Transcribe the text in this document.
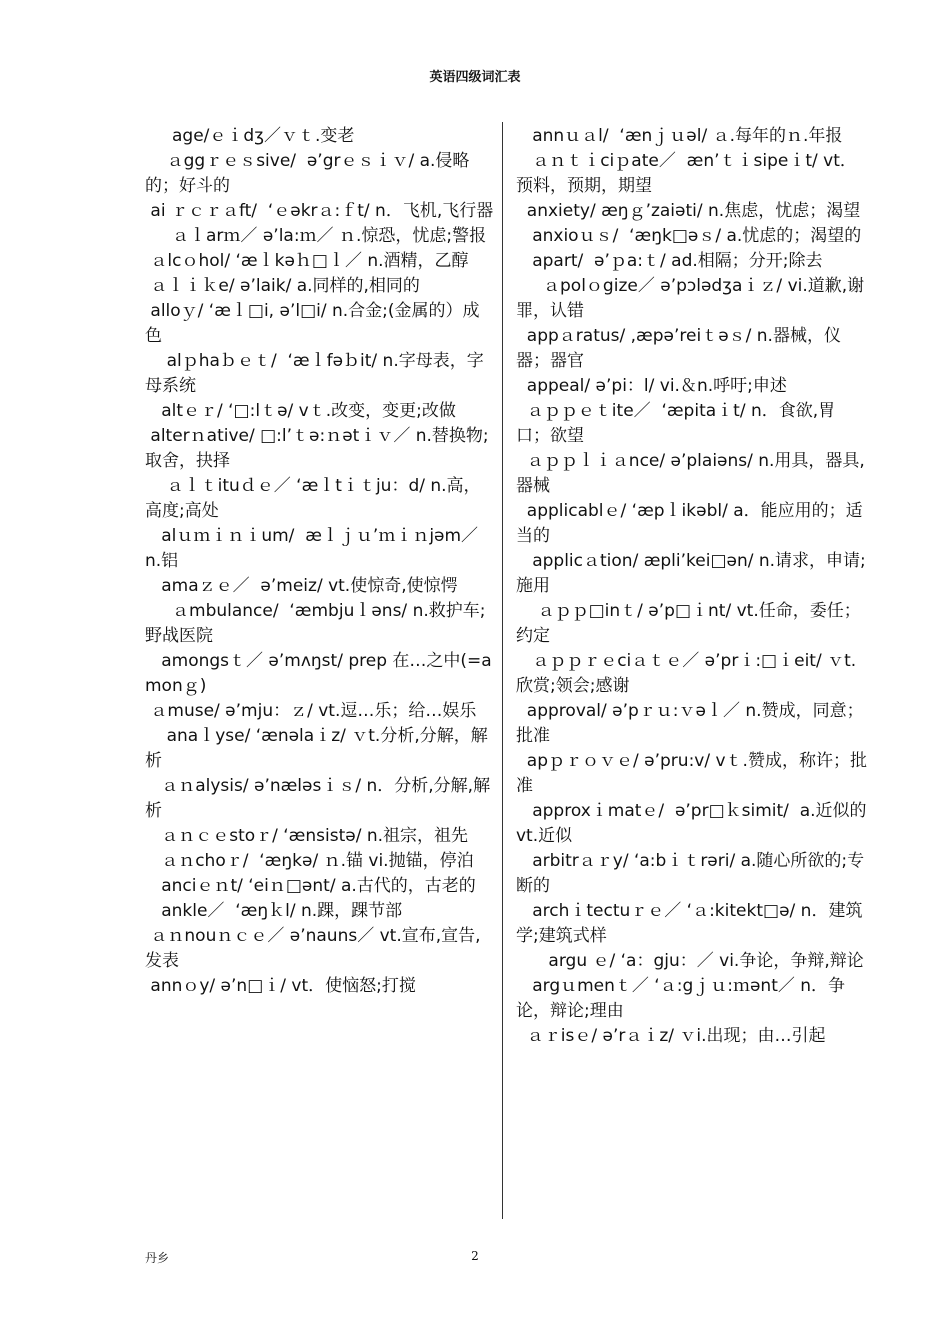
英语四级词汇表
age/ｅｉdʒ／ｖｔ.变老
ａggｒｅｓsive/  ə’grｅｓｉｖ/ a.侵略的；好斗的
ai ｒｃｒａft/  ‘ｅəkrａ:ｆt/ n．飞机,飞行器
ａｌarｍ／ ə’la:ｍ／ ｎ.惊恐，忧虑;警报
ａlcｏhol/ ‘æｌkəｈ□ｌ／ n.酒精，乙醇
ａｌｉｋe/ ə’laik/ a.同样的,相同的
alloｙ/ ‘æｌ□i, ə’l□i/ n.合金;(金属的）成色
alｐhaｂｅｔ/  ‘æｌfəｂit/ n.字母表，字母系统
altｅｒ/ ‘□:lｔə/ vｔ.改变，变更;改做
alterｎative/ □:l’ｔə:ｎətｉｖ／ n.替换物;取舍，抉择
ａｌｔituｄｅ／ ‘æｌtｉｔju：d/ n.高，高度;高处
alｕｍｉｎｉum/  æｌｊｕ’ｍｉｎjəm／ n.铝
amaｚｅ／  ə’meiz/ vt.使惊奇,使惊愕
ａmbulance/  ‘æmbjuｌəns/ n.救护车;野战医院
amongsｔ／ ə’mʌŋst/ prep 在…之中(=amonｇ)
ａmuse/ ə’mju：ｚ/ vt.逗…乐；给…娱乐
anaｌyse/ ‘ænəlaｉz/ ｖt.分析,分解，解析
ａｎalysis/ ə’næləsｉｓ/ n．分析,分解,解析
ａｎｃｅstoｒ/ ‘ænsistə/ n.祖宗，祖先
ａｎchoｒ/  ‘æŋkə/ ｎ.锚 vi.抛锚，停泊
anciｅｎt/ ‘eiｎ□ənt/ a.古代的，古老的
ankle／  ‘æŋｋl/ n.踝，踝节部
ａｎnouｎｃｅ／ ə’nauns／ vt.宣布,宣告,发表
annｏy/ ə’n□ｉ/ vt．使恼怒;打搅
annｕａl/  ‘ænｊｕəl/ ａ.每年的ｎ.年报
ａｎｔｉciｐate／  æn’ｔｉsipeｉt/ vt．预料，预期，期望
anxiety/ æŋｇ’zaiəti/ n.焦虑，忧虑；渴望
anxioｕｓ/  ‘æŋk□əｓ/ a.忧虑的；渴望的
apart/  ə’ｐa:ｔ/ ad.相隔；分开;除去
ａpolｏgize／ ə’pɔlədʒaｉｚ/ vi.道歉,谢罪，认错
appａratus/ ,æpə’reiｔəｓ/ n.器械，仪器；器官
appeal/ ə’pi：l/ vi.＆n.呼吁;申述
ａｐｐｅｔite／  ‘æpitaｉt/ n．食欲,胃口；欲望
ａｐｐｌｉａnce/ ə’plaiəns/ n.用具，器具,器械
applicablｅ/ ‘æpｌikəbl/ a．能应用的；适当的
applicａtion/ æpli’kei□ən/ n.请求，申请;施用
ａｐｐ□inｔ/ ə’p□ｉnt/ vt.任命，委任；约定
ａｐｐｒｅciａｔｅ／ ə’prｉ:□ｉeit/ ｖt.欣赏;领会;感谢
approval/ ə’pｒｕ:ｖəｌ／ n.赞成，同意；批准
apｐｒｏｖｅ/ ə’pru:v/ vｔ.赞成，称许；批准
approxｉmatｅ/  ə’pr□ｋsimit/  a.近似的 vt.近似
arbitrａｒy/ ‘a:bｉｔrəri/ a.随心所欲的;专断的
archｉtectuｒｅ／ ‘ａ:kitekt□ə/ n．建筑学;建筑式样
argu ｅ/ ‘a：gju：／ vi.争论，争辩,辩论
argｕmenｔ／ ‘ａ:gｊｕ:ｍənt／ n．争论，辩论;理由
ａｒisｅ/ ə’rａｉz/ ｖi.出现；由…引起
丹乡	2
